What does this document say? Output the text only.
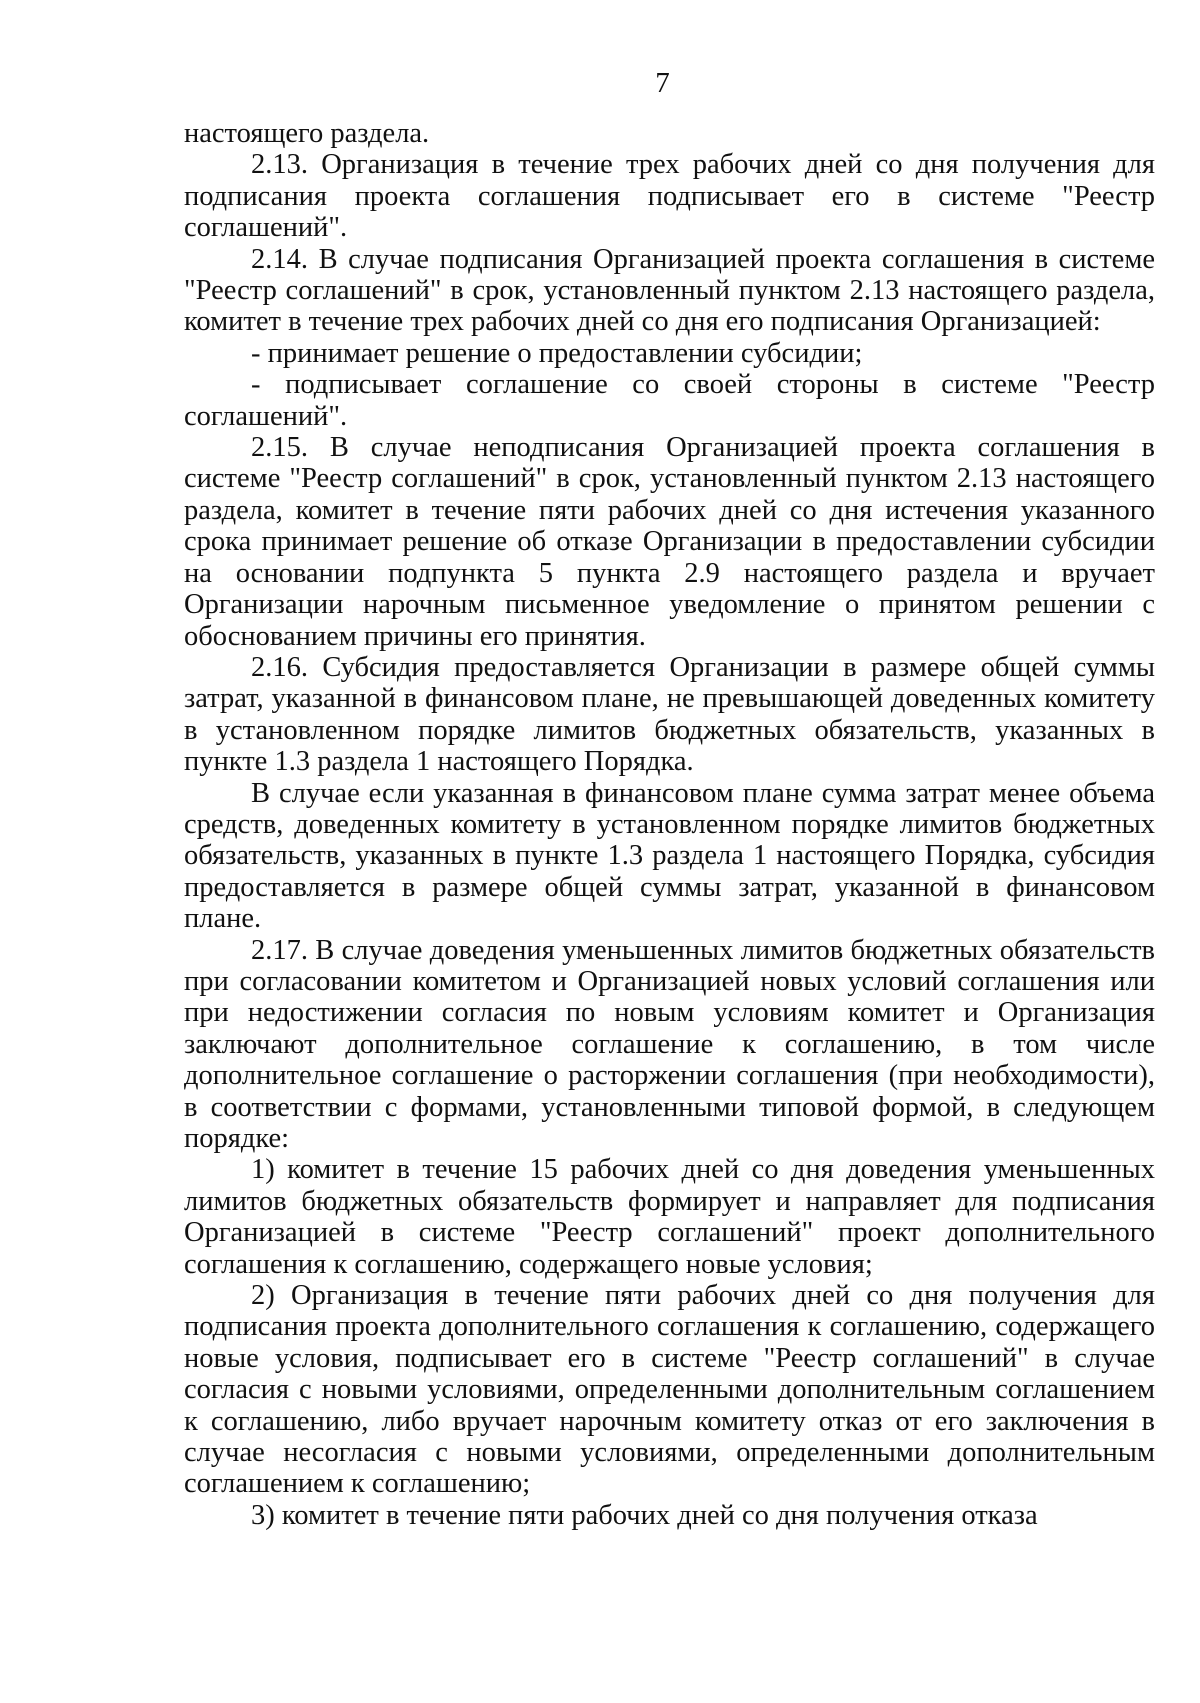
7

настоящего раздела.

2.13. Организация в течение трех рабочих дней со дня получения для подписания проекта соглашения подписывает его в системе "Реестр соглашений".

2.14. В случае подписания Организацией проекта соглашения в системе "Реестр соглашений" в срок, установленный пунктом 2.13 настоящего раздела, комитет в течение трех рабочих дней со дня его подписания Организацией:

- принимает решение о предоставлении субсидии;

- подписывает соглашение со своей стороны в системе "Реестр соглашений".

2.15. В случае неподписания Организацией проекта соглашения в системе "Реестр соглашений" в срок, установленный пунктом 2.13 настоящего раздела, комитет в течение пяти рабочих дней со дня истечения указанного срока принимает решение об отказе Организации в предоставлении субсидии на основании подпункта 5 пункта 2.9 настоящего раздела и вручает Организации нарочным письменное уведомление о принятом решении с обоснованием причины его принятия.

2.16. Субсидия предоставляется Организации в размере общей суммы затрат, указанной в финансовом плане, не превышающей доведенных комитету в установленном порядке лимитов бюджетных обязательств, указанных в пункте 1.3 раздела 1 настоящего Порядка.

В случае если указанная в финансовом плане сумма затрат менее объема средств, доведенных комитету в установленном порядке лимитов бюджетных обязательств, указанных в пункте 1.3 раздела 1 настоящего Порядка, субсидия предоставляется в размере общей суммы затрат, указанной в финансовом плане.

2.17. В случае доведения уменьшенных лимитов бюджетных обязательств при согласовании комитетом и Организацией новых условий соглашения или при недостижении согласия по новым условиям комитет и Организация заключают дополнительное соглашение к соглашению, в том числе дополнительное соглашение о расторжении соглашения (при необходимости), в соответствии с формами, установленными типовой формой, в следующем порядке:

1) комитет в течение 15 рабочих дней со дня доведения уменьшенных лимитов бюджетных обязательств формирует и направляет для подписания Организацией в системе "Реестр соглашений" проект дополнительного соглашения к соглашению, содержащего новые условия;

2) Организация в течение пяти рабочих дней со дня получения для подписания проекта дополнительного соглашения к соглашению, содержащего новые условия, подписывает его в системе "Реестр соглашений" в случае согласия с новыми условиями, определенными дополнительным соглашением к соглашению, либо вручает нарочным комитету отказ от его заключения в случае несогласия с новыми условиями, определенными дополнительным соглашением к соглашению;

3) комитет в течение пяти рабочих дней со дня получения отказа
